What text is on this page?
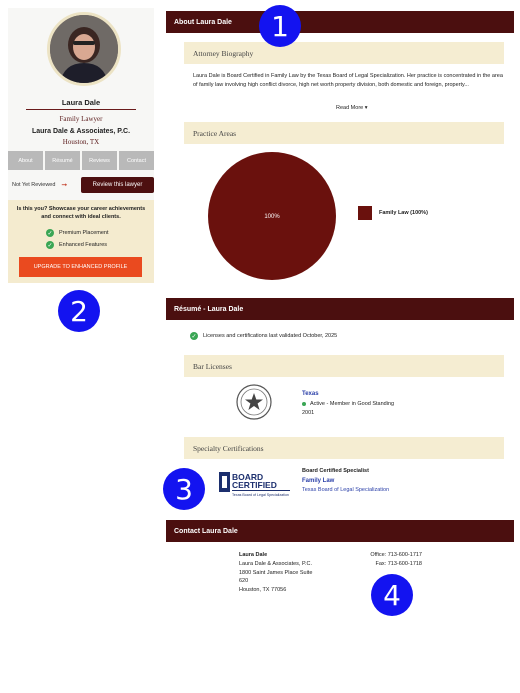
Laura Dale
Family Lawyer
Laura Dale & Associates, P.C.
Houston, TX
About	Résumé	Reviews	Contact
Not Yet Reviewed ➞	Review this lawyer
Is this you? Showcase your career achievements and connect with ideal clients.
✓ Premium Placement
✓ Enhanced Features
UPGRADE TO ENHANCED PROFILE
About Laura Dale
Attorney Biography
Laura Dale is Board Certified in Family Law by the Texas Board of Legal Specialization. Her practice is concentrated in the area of family law involving high conflict divorce, high net worth property division, both domestic and foreign, property...
Read More ▾
Practice Areas
100%
Family Law (100%)
Résumé - Laura Dale
✓ Licenses and certifications last validated October, 2025
Bar Licenses
Texas
Active - Member in Good Standing
2001
Specialty Certifications
BOARD
CERTIFIED
Texas Board of Legal Specialization
Board Certified Specialist
Family Law
Texas Board of Legal Specialization
Contact Laura Dale
Laura Dale
Laura Dale & Associates, P.C.
1800 Saint James Place Suite
620
Houston, TX 77056
Office: 713-600-1717
Fax: 713-600-1718
1
2
3
4
